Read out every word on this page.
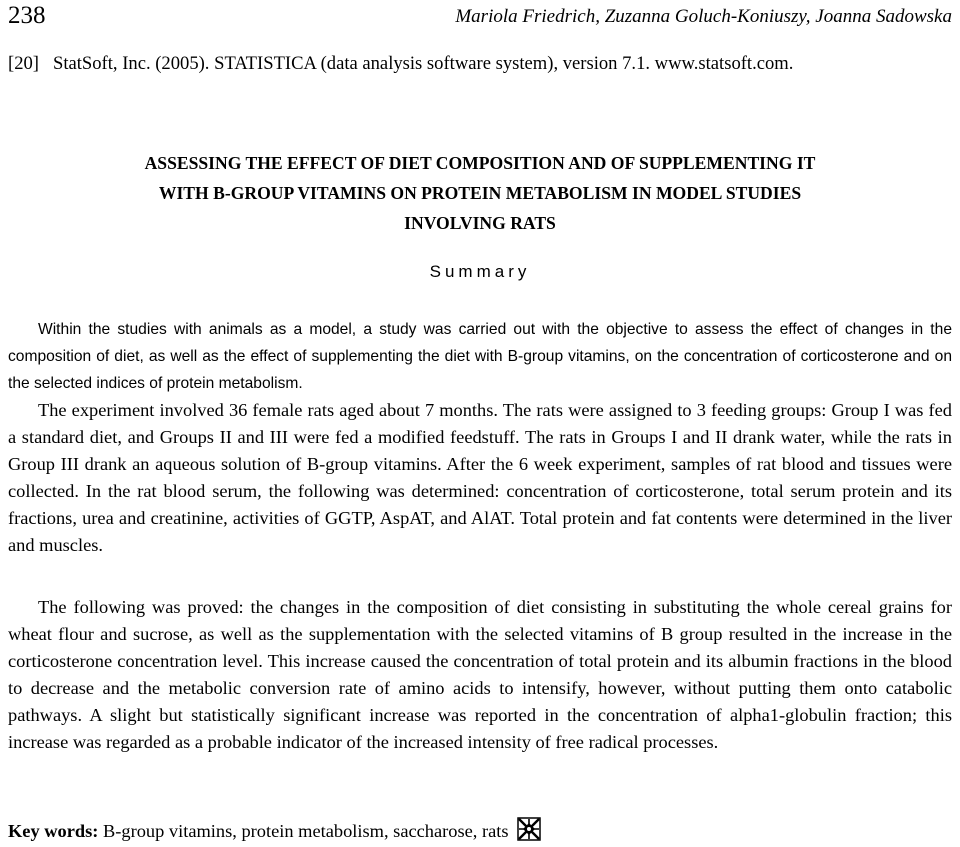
238	Mariola Friedrich, Zuzanna Goluch-Koniuszy, Joanna Sadowska
[20] StatSoft, Inc. (2005). STATISTICA (data analysis software system), version 7.1. www.statsoft.com.
ASSESSING THE EFFECT OF DIET COMPOSITION AND OF SUPPLEMENTING IT
WITH B-GROUP VITAMINS ON PROTEIN METABOLISM IN MODEL STUDIES
INVOLVING RATS
Summary

Within the studies with animals as a model, a study was carried out with the objective to assess the effect of changes in the composition of diet, as well as the effect of supplementing the diet with B-group vitamins, on the concentration of corticosterone and on the selected indices of protein metabolism.

The experiment involved 36 female rats aged about 7 months. The rats were assigned to 3 feeding groups: Group I was fed a standard diet, and Groups II and III were fed a modified feedstuff. The rats in Groups I and II drank water, while the rats in Group III drank an aqueous solution of B-group vitamins. After the 6 week experiment, samples of rat blood and tissues were collected. In the rat blood serum, the following was determined: concentration of corticosterone, total serum protein and its fractions, urea and creatinine, activities of GGTP, AspAT, and AlAT. Total protein and fat contents were determined in the liver and muscles.

The following was proved: the changes in the composition of diet consisting in substituting the whole cereal grains for wheat flour and sucrose, as well as the supplementation with the selected vitamins of B group resulted in the increase in the corticosterone concentration level. This increase caused the concentration of total protein and its albumin fractions in the blood to decrease and the metabolic conversion rate of amino acids to intensify, however, without putting them onto catabolic pathways. A slight but statistically significant increase was reported in the concentration of alpha1-globulin fraction; this increase was regarded as a probable indicator of the increased intensity of free radical processes.

Key words: B-group vitamins, protein metabolism, saccharose, rats
